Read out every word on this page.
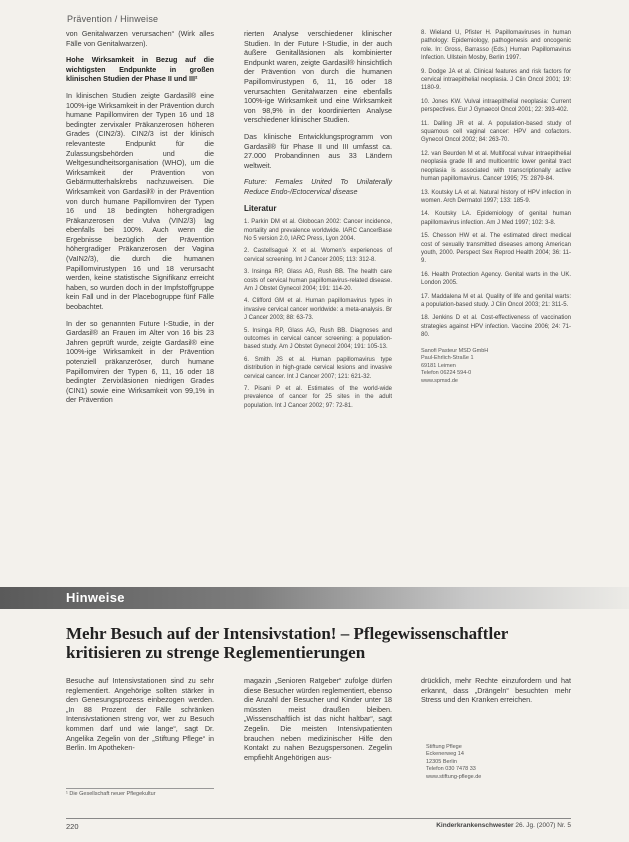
Prävention / Hinweise

von Genitalwarzen verursachen“ (Wirk alles Fälle von Genitalwarzen).

Hohe Wirksamkeit in Bezug auf die wichtigsten Endpunkte in großen klinischen Studien der Phase II und III²

In klinischen Studien zeigte Gardasil® eine 100%-ige Wirksamkeit in der Prävention durch humane Papillomviren der Typen 16 und 18 bedingter zervixaler Präkanzerosen höheren Grades (CIN2/3). CIN2/3 ist der klinisch relevanteste Endpunkt für die Zulassungsbehörden und die Weltgesundheitsorganisation (WHO), um die Wirksamkeit der Prävention von Gebärmutterhalskrebs nachzuweisen. Die Wirksamkeit von Gardasil® in der Prävention von durch humane Papillomviren der Typen 16 und 18 bedingten höhergradigen Präkanzerosen der Vulva (VIN2/3) lag ebenfalls bei 100%. Auch wenn die Ergebnisse bezüglich der Prävention höhergradiger Präkanzerosen der Vagina (VaIN2/3), die durch die humanen Papillomvirustypen 16 und 18 verursacht werden, keine statistische Signifikanz erreicht haben, so wurden doch in der Impfstoffgruppe kein Fall und in der Placebogruppe fünf Fälle beobachtet.

In der so genannten Future I-Studie, in der Gardasil® an Frauen im Alter von 16 bis 23 Jahren geprüft wurde, zeigte Gardasil® eine 100%-ige Wirksamkeit in der Prävention potenziell präkanzeröser, durch humane Papillomviren der Typen 6, 11, 16 oder 18 bedingter Zervixläsionen niedrigen Grades (CIN1) sowie eine Wirksamkeit von 99,1% in der Prävention

rierten Analyse verschiedener klinischer Studien. In der Future I-Studie, in der auch äußere Genitalläsionen als kombinierter Endpunkt waren, zeigte Gardasil® hinsichtlich der Prävention von durch die humanen Papillomvirustypen 6, 11, 16 oder 18 verursachten Genitalwarzen eine ebenfalls 100%-ige Wirksamkeit und eine Wirksamkeit von 98,9% in der koordinierten Analyse verschiedener klinischer Studien.

Das klinische Entwicklungsprogramm von Gardasil® für Phase II und III umfasst ca. 27.000 Probandinnen aus 33 Ländern weltweit.

Future: Females United To Unilaterally Reduce Endo-/Ectocervical disease

Literatur
1. Parkin DM et al. Globocan 2002: Cancer incidence, mortality and prevalence worldwide. IARC CancerBase No 5 version 2.0, IARC Press, Lyon 2004.
2. Castellsagué X et al. Women's experiences of cervical screening. Int J Cancer 2005; 113: 312-8.
3. Insinga RP, Glass AG, Rush BB. The health care costs of cervical human papillomavirus-related disease. Am J Obstet Gynecol 2004; 191: 114-20.
4. Clifford GM et al. Human papillomavirus types in invasive cervical cancer worldwide: a meta-analysis. Br J Cancer 2003; 88: 63-73.
5. Insinga RP, Glass AG, Rush BB. Diagnoses and outcomes in cervical cancer screening: a population-based study. Am J Obstet Gynecol 2004; 191: 105-13.
6. Smith JS et al. Human papillomavirus type distribution in high-grade cervical lesions and invasive cervical cancer. Int J Cancer 2007; 121: 621-32.
7. Pisani P et al. Estimates of the world-wide prevalence of cancer for 25 sites in the adult population. Int J Cancer 2002; 97: 72-81.
8. Wieland U, Pfister H. Papillomaviruses in human pathology: Epidemiology, pathogenesis and oncogenic role. In: Gross, Barrasso (Eds.) Human Papillomavirus Infection. Ullstein Mosby, Berlin 1997.
9. Dodge JA et al. Clinical features and risk factors for cervical intraepithelial neoplasia. J Clin Oncol 2001; 19: 1180-9.
10. Jones KW. Vulval intraepithelial neoplasia: Current perspectives. Eur J Gynaecol Oncol 2001; 22: 393-402.
11. Dalling JR et al. A population-based study of squamous cell vaginal cancer: HPV and cofactors. Gynecol Oncol 2002; 84: 263-70.
12. van Beurden M et al. Multifocal vulvar intraepithelial neoplasia grade III and multicentric lower genital tract neoplasia is associated with transcriptionally active human papillomavirus. Cancer 1995; 75: 2879-84.
13. Koutsky LA et al. Natural history of HPV infection in women. Arch Dermatol 1997; 133: 185-9.
14. Koutsky LA. Epidemiology of genital human papillomavirus infection. Am J Med 1997; 102: 3-8.
15. Chesson HW et al. The estimated direct medical cost of sexually transmitted diseases among American youth, 2000. Perspect Sex Reprod Health 2004; 36: 11-9.
16. Health Protection Agency. Genital warts in the UK. London 2005.
17. Maddalena M et al. Quality of life and genital warts: a population-based study. J Clin Oncol 2003; 21: 311-5.
18. Jenkins D et al. Cost-effectiveness of vaccination strategies against HPV infection. Vaccine 2006; 24: 71-80.
Sanofi Pasteur MSD GmbH
Paul-Ehrlich-Straße 1
69181 Leimen
Telefon 06224 594-0
www.spmsd.de
Hinweise
Mehr Besuch auf der Intensivstation! – Pflegewissenschaftler kritisieren zu strenge Reglementierungen
Besuche auf Intensivstationen sind zu sehr reglementiert. Angehörige sollten stärker in den Genesungsprozess einbezogen werden. „In 88 Prozent der Fälle schränken Intensivstationen streng vor, wer zu Besuch kommen darf und wie lange“, sagt Dr. Angelika Zegelin von der „Stiftung Pflege“ in Berlin. Im Apotheken-
magazin „Senioren Ratgeber“ zufolge dürfen diese Besucher würden reglementiert, ebenso die Anzahl der Besucher und Kinder unter 18 müssten meist draußen bleiben. „Wissenschaftlich ist das nicht haltbar“, sagt Zegelin. Die meisten Intensivpatienten brauchen neben medizinischer Hilfe den Kontakt zu nahen Bezugspersonen. Zegelin empfiehlt Angehörigen aus-
drücklich, mehr Rechte einzufordern und hat erkannt, dass „Drängeln“ besuchten mehr Stress und den Kranken erreichen.
¹ Die Gesellschaft neuer Pflegekultur
Stiftung Pflege
Eckenerweg 14
12305 Berlin
Telefon 030 7478 33
www.stiftung-pflege.de
220	Kinderkrankenschwester 26. Jg. (2007) Nr. 5
